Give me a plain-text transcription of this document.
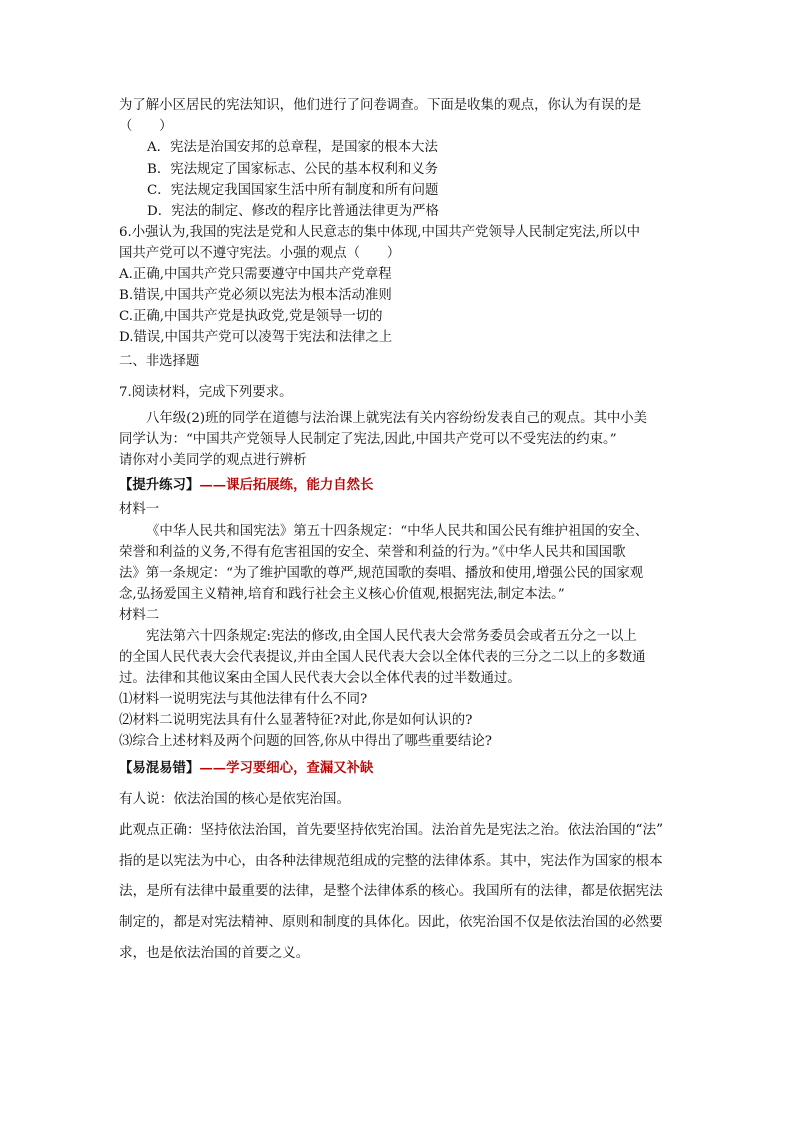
为了解小区居民的宪法知识，他们进行了问卷调查。下面是收集的观点，你认为有误的是
（　　）
A．宪法是治国安邦的总章程，是国家的根本大法
B．宪法规定了国家标志、公民的基本权利和义务
C．宪法规定我国国家生活中所有制度和所有问题
D．宪法的制定、修改的程序比普通法律更为严格
6.小强认为,我国的宪法是党和人民意志的集中体现,中国共产党领导人民制定宪法,所以中
国共产党可以不遵守宪法。小强的观点（　　）
A.正确,中国共产党只需要遵守中国共产党章程
B.错误,中国共产党必须以宪法为根本活动准则
C.正确,中国共产党是执政党,党是领导一切的
D.错误,中国共产党可以凌驾于宪法和法律之上
二、非选择题
7.阅读材料，完成下列要求。
八年级(2)班的同学在道德与法治课上就宪法有关内容纷纷发表自己的观点。其中小美
同学认为：“中国共产党领导人民制定了宪法,因此,中国共产党可以不受宪法的约束。”
请你对小美同学的观点进行辨析
【提升练习】——课后拓展练，能力自然长
材料一
《中华人民共和国宪法》第五十四条规定：“中华人民共和国公民有维护祖国的安全、
荣誉和利益的义务,不得有危害祖国的安全、荣誉和利益的行为。”《中华人民共和国国歌
法》第一条规定：“为了维护国歌的尊严,规范国歌的奏唱、播放和使用,增强公民的国家观
念,弘扬爱国主义精神,培育和践行社会主义核心价值观,根据宪法,制定本法。”
材料二
宪法第六十四条规定:宪法的修改,由全国人民代表大会常务委员会或者五分之一以上
的全国人民代表大会代表提议,并由全国人民代表大会以全体代表的三分之二以上的多数通
过。法律和其他议案由全国人民代表大会以全体代表的过半数通过。
⑴材料一说明宪法与其他法律有什么不同?
⑵材料二说明宪法具有什么显著特征?对此,你是如何认识的?
⑶综合上述材料及两个问题的回答,你从中得出了哪些重要结论?
【易混易错】——学习要细心，查漏又补缺
有人说：依法治国的核心是依宪治国。
此观点正确：坚持依法治国，首先要坚持依宪治国。法治首先是宪法之治。依法治国的“法”
指的是以宪法为中心，由各种法律规范组成的完整的法律体系。其中，宪法作为国家的根本
法，是所有法律中最重要的法律，是整个法律体系的核心。我国所有的法律，都是依据宪法
制定的，都是对宪法精神、原则和制度的具体化。因此，依宪治国不仅是依法治国的必然要
求，也是依法治国的首要之义。
